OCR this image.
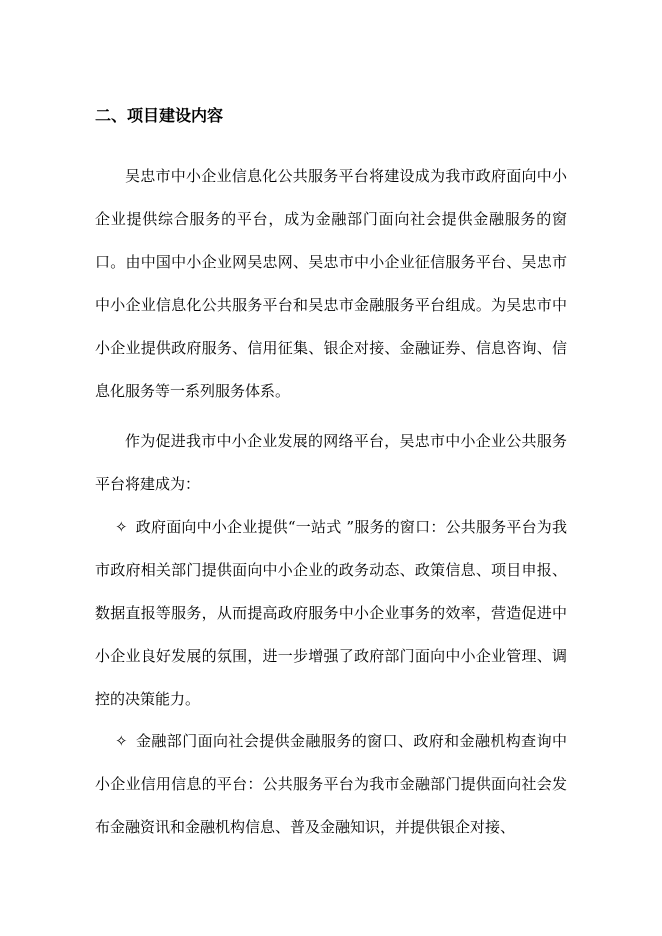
二、项目建设内容

吴忠市中小企业信息化公共服务平台将建设成为我市政府面向中小企业提供综合服务的平台，成为金融部门面向社会提供金融服务的窗口。由中国中小企业网吴忠网、吴忠市中小企业征信服务平台、吴忠市中小企业信息化公共服务平台和吴忠市金融服务平台组成。为吴忠市中小企业提供政府服务、信用征集、银企对接、金融证券、信息咨询、信息化服务等一系列服务体系。

作为促进我市中小企业发展的网络平台，吴忠市中小企业公共服务平台将建成为：

✧ 政府面向中小企业提供“一站式 ”服务的窗口：公共服务平台为我市政府相关部门提供面向中小企业的政务动态、政策信息、项目申报、数据直报等服务，从而提高政府服务中小企业事务的效率，营造促进中小企业良好发展的氛围，进一步增强了政府部门面向中小企业管理、调控的决策能力。

✧ 金融部门面向社会提供金融服务的窗口、政府和金融机构查询中小企业信用信息的平台：公共服务平台为我市金融部门提供面向社会发布金融资讯和金融机构信息、普及金融知识，并提供银企对接、
